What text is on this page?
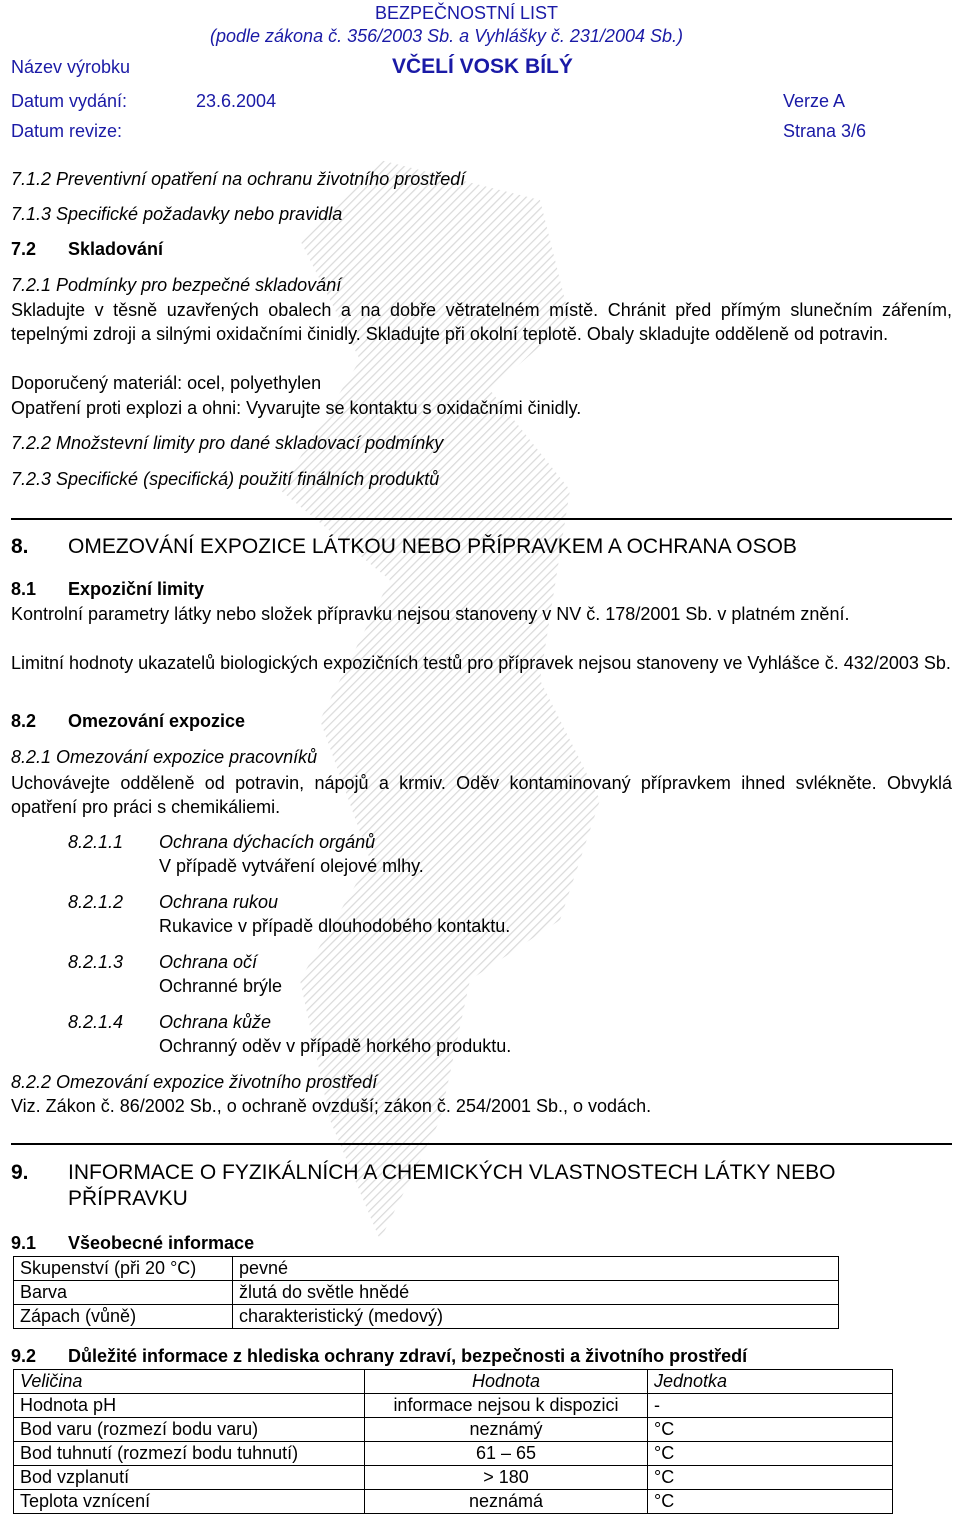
BEZPEČNOSTNÍ LIST
(podle zákona č. 356/2003 Sb. a Vyhlášky č. 231/2004 Sb.)
Název výrobku	VČELÍ VOSK BÍLÝ
Datum vydání:	23.6.2004	Verze A
Datum revize:	Strana 3/6
7.1.2 Preventivní opatření na ochranu životního prostředí
7.1.3 Specifické požadavky nebo pravidla
7.2 Skladování
7.2.1 Podmínky pro bezpečné skladování
Skladujte v těsně uzavřených obalech a na dobře větratelném místě. Chránit před přímým slunečním zářením, tepelnými zdroji a silnými oxidačními činidly. Skladujte při okolní teplotě. Obaly skladujte odděleně od potravin.
Doporučený materiál: ocel, polyethylen
Opatření proti explozi a ohni: Vyvarujte se kontaktu s oxidačními činidly.
7.2.2 Množstevní limity pro dané skladovací podmínky
7.2.3 Specifické (specifická) použití finálních produktů
8. OMEZOVÁNÍ EXPOZICE LÁTKOU NEBO PŘÍPRAVKEM A OCHRANA OSOB
8.1 Expoziční limity
Kontrolní parametry látky nebo složek přípravku nejsou stanoveny v NV č. 178/2001 Sb. v platném znění.
Limitní hodnoty ukazatelů biologických expozičních testů pro přípravek nejsou stanoveny ve Vyhlášce č. 432/2003 Sb.
8.2 Omezování expozice
8.2.1 Omezování expozice pracovníků
Uchovávejte odděleně od potravin, nápojů a krmiv. Oděv kontaminovaný přípravkem ihned svlékněte. Obvyklá opatření pro práci s chemikáliemi.
8.2.1.1 Ochrana dýchacích orgánů
V případě vytváření olejové mlhy.
8.2.1.2 Ochrana rukou
Rukavice v případě dlouhodobého kontaktu.
8.2.1.3 Ochrana očí
Ochranné brýle
8.2.1.4 Ochrana kůže
Ochranný oděv v případě horkého produktu.
8.2.2 Omezování expozice životního prostředí
Viz. Zákon č. 86/2002 Sb., o ochraně ovzduší; zákon č. 254/2001 Sb., o vodách.
9. INFORMACE O FYZIKÁLNÍCH A CHEMICKÝCH VLASTNOSTECH LÁTKY NEBO
PŘÍPRAVKU
9.1 Všeobecné informace
Skupenství (při 20 °C)	pevné
Barva	žlutá do světle hnědé
Zápach (vůně)	charakteristický (medový)
9.2 Důležité informace z hlediska ochrany zdraví, bezpečnosti a životního prostředí
Veličina	Hodnota	Jednotka
Hodnota pH	informace nejsou k dispozici	-
Bod varu (rozmezí bodu varu)	neznámý	°C
Bod tuhnutí (rozmezí bodu tuhnutí)	61 – 65	°C
Bod vzplanutí	> 180	°C
Teplota vznícení	neznámá	°C
